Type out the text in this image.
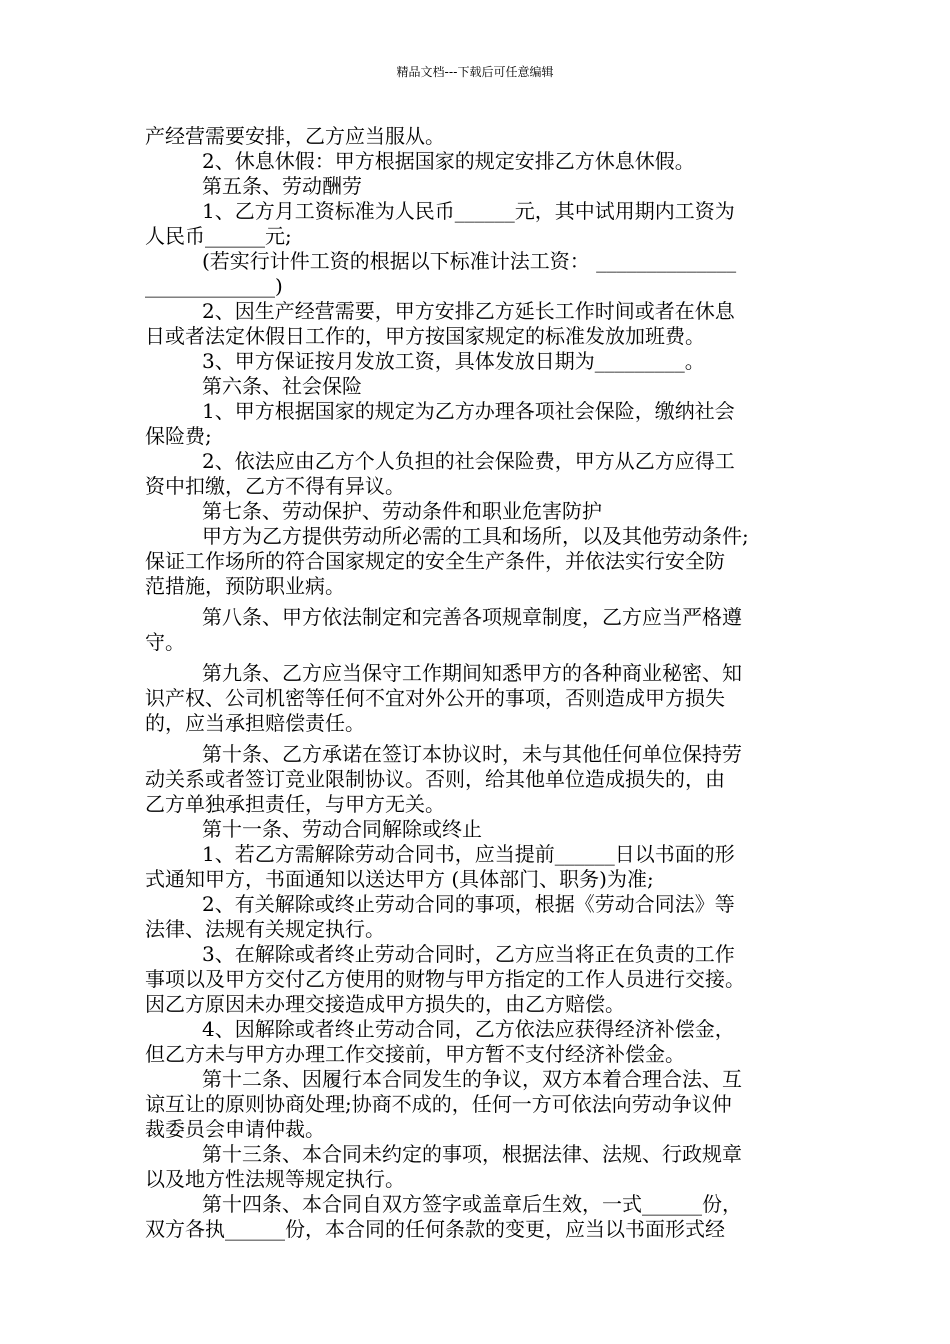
精品文档---下载后可任意编辑
产经营需要安排，乙方应当服从。
2、休息休假：甲方根据国家的规定安排乙方休息休假。
第五条、劳动酬劳
1、乙方月工资标准为人民币______元，其中试用期内工资为
人民币______元;
(若实行计件工资的根据以下标准计法工资： ______________
_____________)
2、因生产经营需要，甲方安排乙方延长工作时间或者在休息
日或者法定休假日工作的，甲方按国家规定的标准发放加班费。
3、甲方保证按月发放工资，具体发放日期为_________。
第六条、社会保险
1、甲方根据国家的规定为乙方办理各项社会保险，缴纳社会
保险费;
2、依法应由乙方个人负担的社会保险费，甲方从乙方应得工
资中扣缴，乙方不得有异议。
第七条、劳动保护、劳动条件和职业危害防护
甲方为乙方提供劳动所必需的工具和场所，以及其他劳动条件;
保证工作场所的符合国家规定的安全生产条件，并依法实行安全防
范措施，预防职业病。
第八条、甲方依法制定和完善各项规章制度，乙方应当严格遵
守。
第九条、乙方应当保守工作期间知悉甲方的各种商业秘密、知
识产权、公司机密等任何不宜对外公开的事项，否则造成甲方损失
的，应当承担赔偿责任。
第十条、乙方承诺在签订本协议时，未与其他任何单位保持劳
动关系或者签订竞业限制协议。否则，给其他单位造成损失的，由
乙方单独承担责任，与甲方无关。
第十一条、劳动合同解除或终止
1、若乙方需解除劳动合同书，应当提前______日以书面的形
式通知甲方，书面通知以送达甲方 (具体部门、职务)为准;
2、有关解除或终止劳动合同的事项，根据《劳动合同法》等
法律、法规有关规定执行。
3、在解除或者终止劳动合同时，乙方应当将正在负责的工作
事项以及甲方交付乙方使用的财物与甲方指定的工作人员进行交接。
因乙方原因未办理交接造成甲方损失的，由乙方赔偿。
4、因解除或者终止劳动合同，乙方依法应获得经济补偿金，
但乙方未与甲方办理工作交接前，甲方暂不支付经济补偿金。
第十二条、因履行本合同发生的争议，双方本着合理合法、互
谅互让的原则协商处理;协商不成的，任何一方可依法向劳动争议仲
裁委员会申请仲裁。
第十三条、本合同未约定的事项，根据法律、法规、行政规章
以及地方性法规等规定执行。
第十四条、本合同自双方签字或盖章后生效，一式______份，
双方各执______份，本合同的任何条款的变更，应当以书面形式经
